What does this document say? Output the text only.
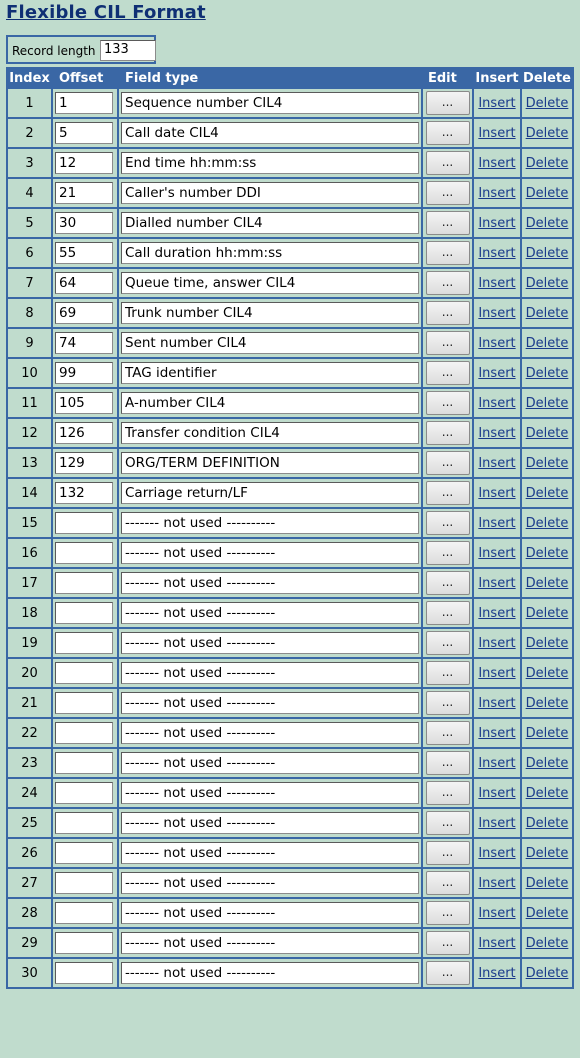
Flexible CIL Format
Record length 133
Index	Offset	Field type	Edit	Insert	Delete
1	1	Sequence number CIL4	...	Insert	Delete
2	5	Call date CIL4	...	Insert	Delete
3	12	End time hh:mm:ss	...	Insert	Delete
4	21	Caller's number DDI	...	Insert	Delete
5	30	Dialled number CIL4	...	Insert	Delete
6	55	Call duration hh:mm:ss	...	Insert	Delete
7	64	Queue time, answer CIL4	...	Insert	Delete
8	69	Trunk number CIL4	...	Insert	Delete
9	74	Sent number CIL4	...	Insert	Delete
10	99	TAG identifier	...	Insert	Delete
11	105	A-number CIL4	...	Insert	Delete
12	126	Transfer condition CIL4	...	Insert	Delete
13	129	ORG/TERM DEFINITION	...	Insert	Delete
14	132	Carriage return/LF	...	Insert	Delete
15		------- not used ----------	...	Insert	Delete
16		------- not used ----------	...	Insert	Delete
17		------- not used ----------	...	Insert	Delete
18		------- not used ----------	...	Insert	Delete
19		------- not used ----------	...	Insert	Delete
20		------- not used ----------	...	Insert	Delete
21		------- not used ----------	...	Insert	Delete
22		------- not used ----------	...	Insert	Delete
23		------- not used ----------	...	Insert	Delete
24		------- not used ----------	...	Insert	Delete
25		------- not used ----------	...	Insert	Delete
26		------- not used ----------	...	Insert	Delete
27		------- not used ----------	...	Insert	Delete
28		------- not used ----------	...	Insert	Delete
29		------- not used ----------	...	Insert	Delete
30		------- not used ----------	...	Insert	Delete
